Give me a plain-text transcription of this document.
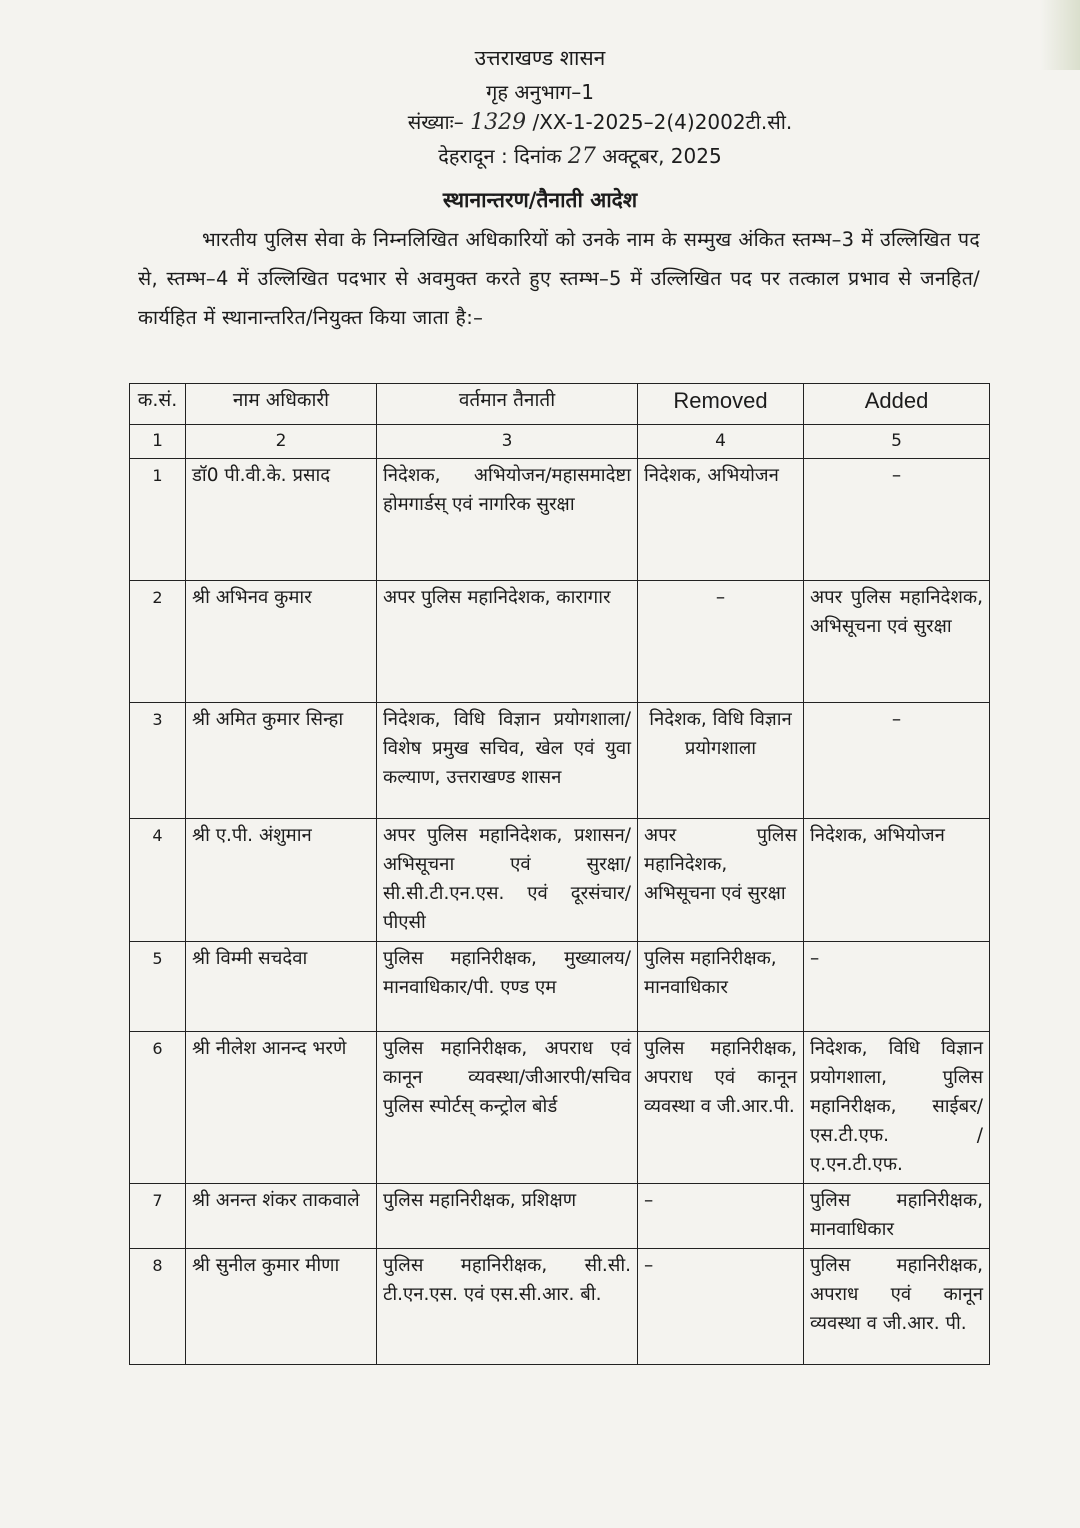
उत्तराखण्ड शासन
गृह अनुभाग–1
संख्याः– 1329 /XX-1-2025–2(4)2002टी.सी.
देहरादून : दिनांक 27 अक्टूबर, 2025
स्थानान्तरण/तैनाती आदेश
भारतीय पुलिस सेवा के निम्नलिखित अधिकारियों को उनके नाम के सम्मुख अंकित स्तम्भ–3 में उल्लिखित पद से, स्तम्भ–4 में उल्लिखित पदभार से अवमुक्त करते हुए स्तम्भ–5 में उल्लिखित पद पर तत्काल प्रभाव से जनहित/कार्यहित में स्थानान्तरित/नियुक्त किया जाता है:–
क.सं.	नाम अधिकारी	वर्तमान तैनाती	Removed	Added
1	2	3	4	5
1	डॉ0 पी.वी.के. प्रसाद	निदेशक, अभियोजन/महासमादेष्टा होमगार्डस् एवं नागरिक सुरक्षा	निदेशक, अभियोजन	–
2	श्री अभिनव कुमार	अपर पुलिस महानिदेशक, कारागार	–	अपर पुलिस महानिदेशक, अभिसूचना एवं सुरक्षा
3	श्री अमित कुमार सिन्हा	निदेशक, विधि विज्ञान प्रयोगशाला/विशेष प्रमुख सचिव, खेल एवं युवा कल्याण, उत्तराखण्ड शासन	निदेशक, विधि विज्ञान प्रयोगशाला	–
4	श्री ए.पी. अंशुमान	अपर पुलिस महानिदेशक, प्रशासन/अभिसूचना एवं सुरक्षा/सी.सी.टी.एन.एस. एवं दूरसंचार/पीएसी	अपर पुलिस महानिदेशक, अभिसूचना एवं सुरक्षा	निदेशक, अभियोजन
5	श्री विम्मी सचदेवा	पुलिस महानिरीक्षक, मुख्यालय/मानवाधिकार/पी. एण्ड एम	पुलिस महानिरीक्षक, मानवाधिकार	–
6	श्री नीलेश आनन्द भरणे	पुलिस महानिरीक्षक, अपराध एवं कानून व्यवस्था/जीआरपी/सचिव पुलिस स्पोर्टस् कन्ट्रोल बोर्ड	पुलिस महानिरीक्षक, अपराध एवं कानून व्यवस्था व जी.आर.पी.	निदेशक, विधि विज्ञान प्रयोगशाला, पुलिस महानिरीक्षक, साईबर/एस.टी.एफ. /ए.एन.टी.एफ.
7	श्री अनन्त शंकर ताकवाले	पुलिस महानिरीक्षक, प्रशिक्षण	–	पुलिस महानिरीक्षक, मानवाधिकार
8	श्री सुनील कुमार मीणा	पुलिस महानिरीक्षक, सी.सी. टी.एन.एस. एवं एस.सी.आर. बी.	–	पुलिस महानिरीक्षक, अपराध एवं कानून व्यवस्था व जी.आर. पी.
